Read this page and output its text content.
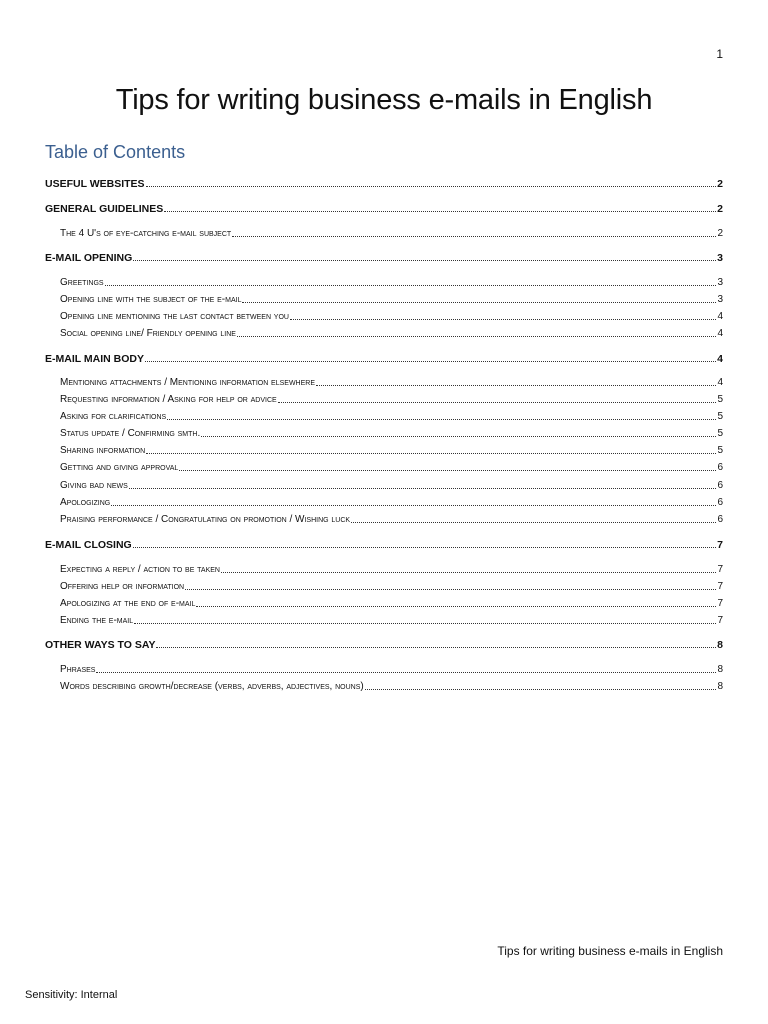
1
Tips for writing business e-mails in English
Table of Contents
USEFUL WEBSITES	2
GENERAL GUIDELINES	2
The 4 U's of eye-catching e-mail subject	2
E-MAIL OPENING	3
Greetings	3
Opening line with the subject of the e-mail	3
Opening line mentioning the last contact between you	4
Social opening line/ Friendly opening line	4
E-MAIL MAIN BODY	4
Mentioning attachments / Mentioning information elsewhere	4
Requesting information / Asking for help or advice	5
Asking for clarifications	5
Status update / Confirming smth.	5
Sharing information	5
Getting and giving approval	6
Giving bad news	6
Apologizing	6
Praising performance / Congratulating on promotion / Wishing luck	6
E-MAIL CLOSING	7
Expecting a reply / action to be taken	7
Offering help or information	7
Apologizing at the end of e-mail	7
Ending the e-mail	7
OTHER WAYS TO SAY	8
Phrases	8
Words describing growth/decrease (verbs, adverbs, adjectives, nouns)	8
Tips for writing business e-mails in English
Sensitivity: Internal
